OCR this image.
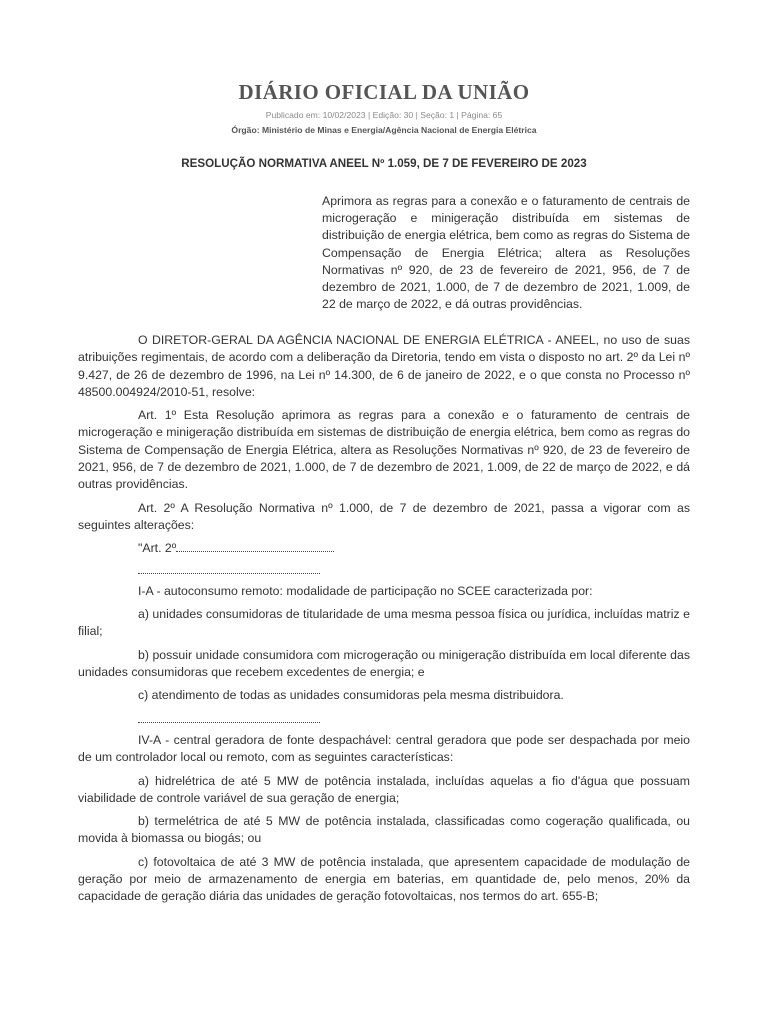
DIÁRIO OFICIAL DA UNIÃO
Publicado em: 10/02/2023 | Edição: 30 | Seção: 1 | Página: 65
Órgão: Ministério de Minas e Energia/Agência Nacional de Energia Elétrica
RESOLUÇÃO NORMATIVA ANEEL Nº 1.059, DE 7 DE FEVEREIRO DE 2023
Aprimora as regras para a conexão e o faturamento de centrais de microgeração e minigeração distribuída em sistemas de distribuição de energia elétrica, bem como as regras do Sistema de Compensação de Energia Elétrica; altera as Resoluções Normativas nº 920, de 23 de fevereiro de 2021, 956, de 7 de dezembro de 2021, 1.000, de 7 de dezembro de 2021, 1.009, de 22 de março de 2022, e dá outras providências.

O DIRETOR-GERAL DA AGÊNCIA NACIONAL DE ENERGIA ELÉTRICA - ANEEL, no uso de suas atribuições regimentais, de acordo com a deliberação da Diretoria, tendo em vista o disposto no art. 2º da Lei nº 9.427, de 26 de dezembro de 1996, na Lei nº 14.300, de 6 de janeiro de 2022, e o que consta no Processo nº 48500.004924/2010-51, resolve:

Art. 1º Esta Resolução aprimora as regras para a conexão e o faturamento de centrais de microgeração e minigeração distribuída em sistemas de distribuição de energia elétrica, bem como as regras do Sistema de Compensação de Energia Elétrica, altera as Resoluções Normativas nº 920, de 23 de fevereiro de 2021, 956, de 7 de dezembro de 2021, 1.000, de 7 de dezembro de 2021, 1.009, de 22 de março de 2022, e dá outras providências.

Art. 2º A Resolução Normativa nº 1.000, de 7 de dezembro de 2021, passa a vigorar com as seguintes alterações:

"Art. 2º

I-A - autoconsumo remoto: modalidade de participação no SCEE caracterizada por:

a) unidades consumidoras de titularidade de uma mesma pessoa física ou jurídica, incluídas matriz e filial;

b) possuir unidade consumidora com microgeração ou minigeração distribuída em local diferente das unidades consumidoras que recebem excedentes de energia; e

c) atendimento de todas as unidades consumidoras pela mesma distribuidora.

IV-A - central geradora de fonte despachável: central geradora que pode ser despachada por meio de um controlador local ou remoto, com as seguintes características:

a) hidrelétrica de até 5 MW de potência instalada, incluídas aquelas a fio d'água que possuam viabilidade de controle variável de sua geração de energia;

b) termelétrica de até 5 MW de potência instalada, classificadas como cogeração qualificada, ou movida à biomassa ou biogás; ou

c) fotovoltaica de até 3 MW de potência instalada, que apresentem capacidade de modulação de geração por meio de armazenamento de energia em baterias, em quantidade de, pelo menos, 20% da capacidade de geração diária das unidades de geração fotovoltaicas, nos termos do art. 655-B;
